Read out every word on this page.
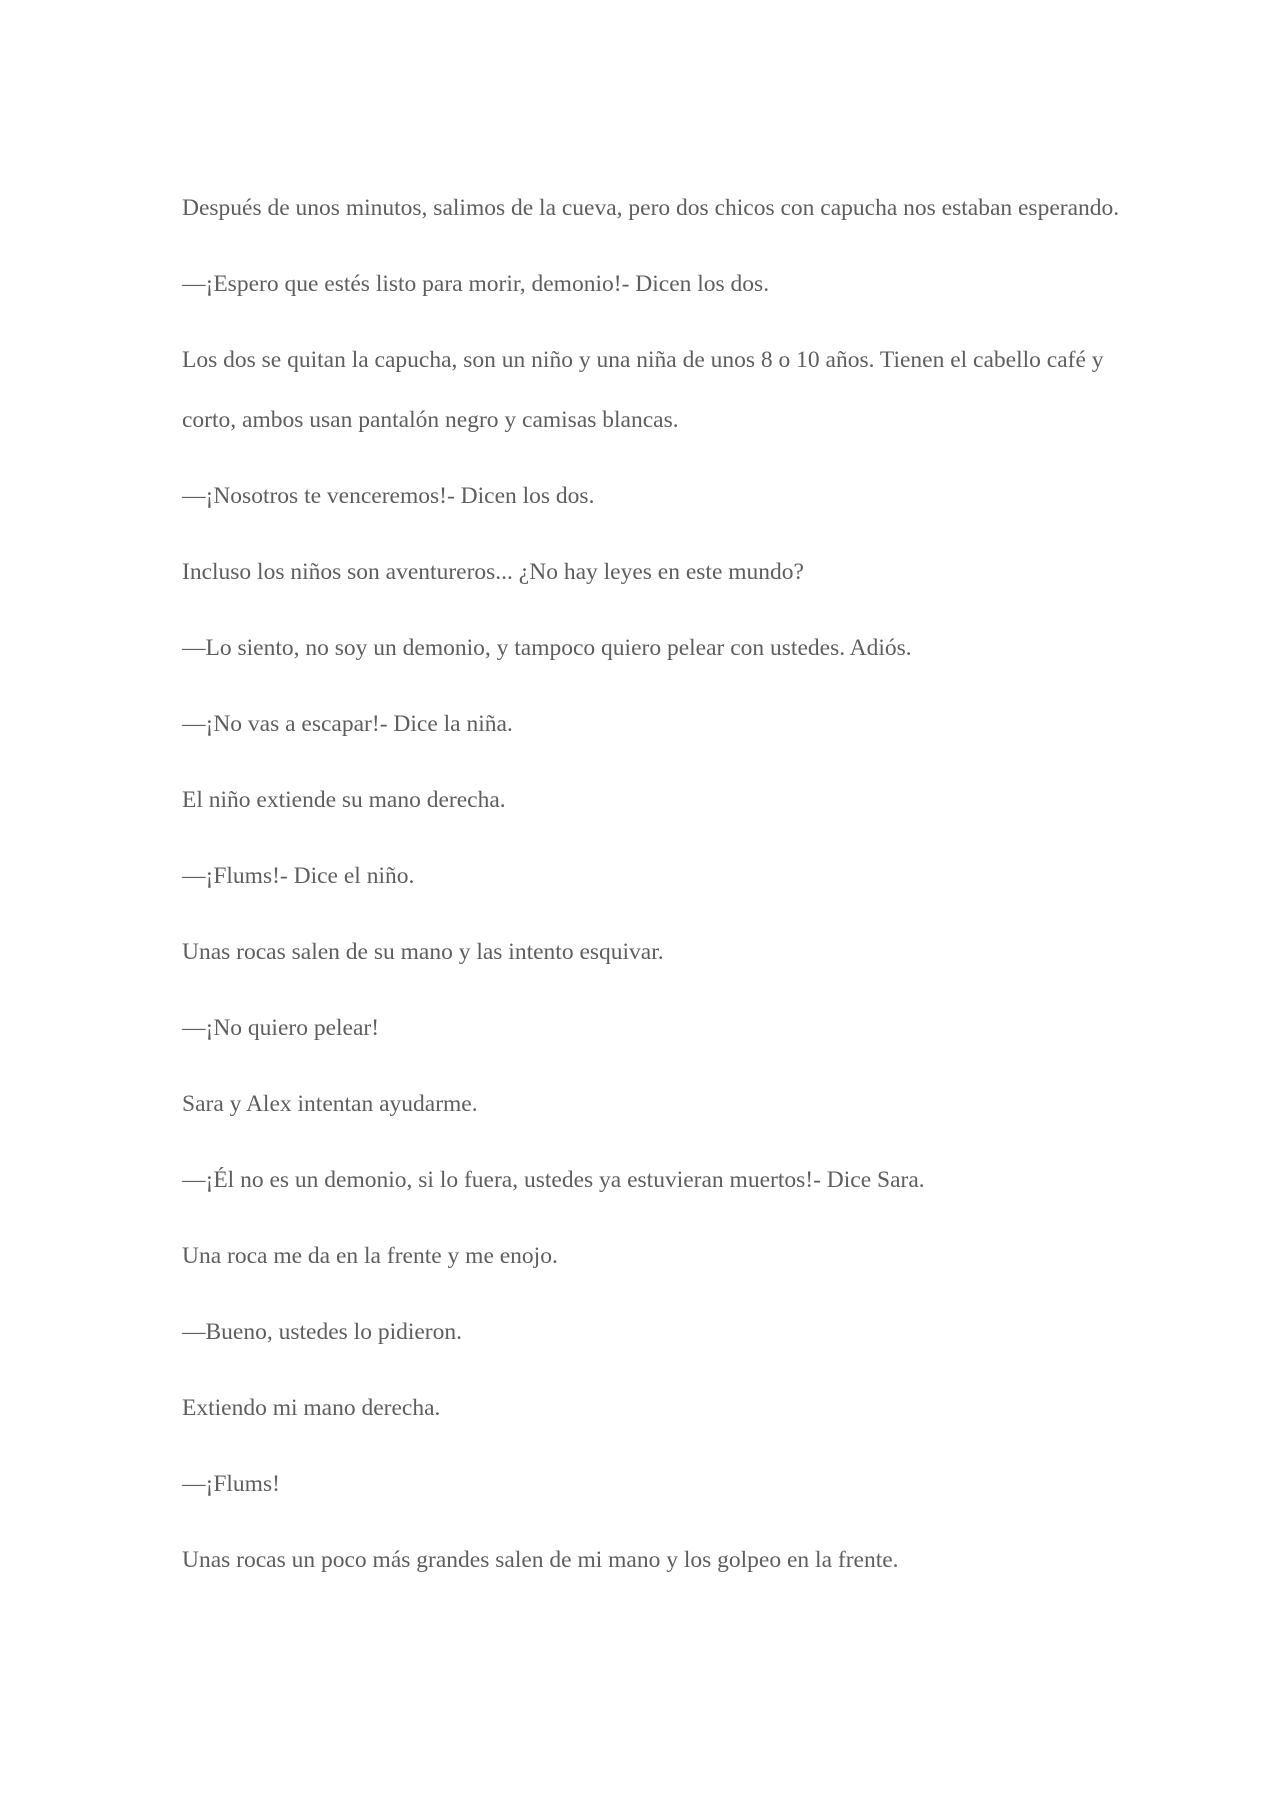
Después de unos minutos, salimos de la cueva, pero dos chicos con capucha nos estaban esperando.

—¡Espero que estés listo para morir, demonio!- Dicen los dos.

Los dos se quitan la capucha, son un niño y una niña de unos 8 o 10 años. Tienen el cabello café y corto, ambos usan pantalón negro y camisas blancas.

—¡Nosotros te venceremos!- Dicen los dos.

Incluso los niños son aventureros... ¿No hay leyes en este mundo?

—Lo siento, no soy un demonio, y tampoco quiero pelear con ustedes. Adiós.

—¡No vas a escapar!- Dice la niña.

El niño extiende su mano derecha.

—¡Flums!- Dice el niño.

Unas rocas salen de su mano y las intento esquivar.

—¡No quiero pelear!

Sara y Alex intentan ayudarme.

—¡Él no es un demonio, si lo fuera, ustedes ya estuvieran muertos!- Dice Sara.

Una roca me da en la frente y me enojo.

—Bueno, ustedes lo pidieron.

Extiendo mi mano derecha.

—¡Flums!

Unas rocas un poco más grandes salen de mi mano y los golpeo en la frente.
